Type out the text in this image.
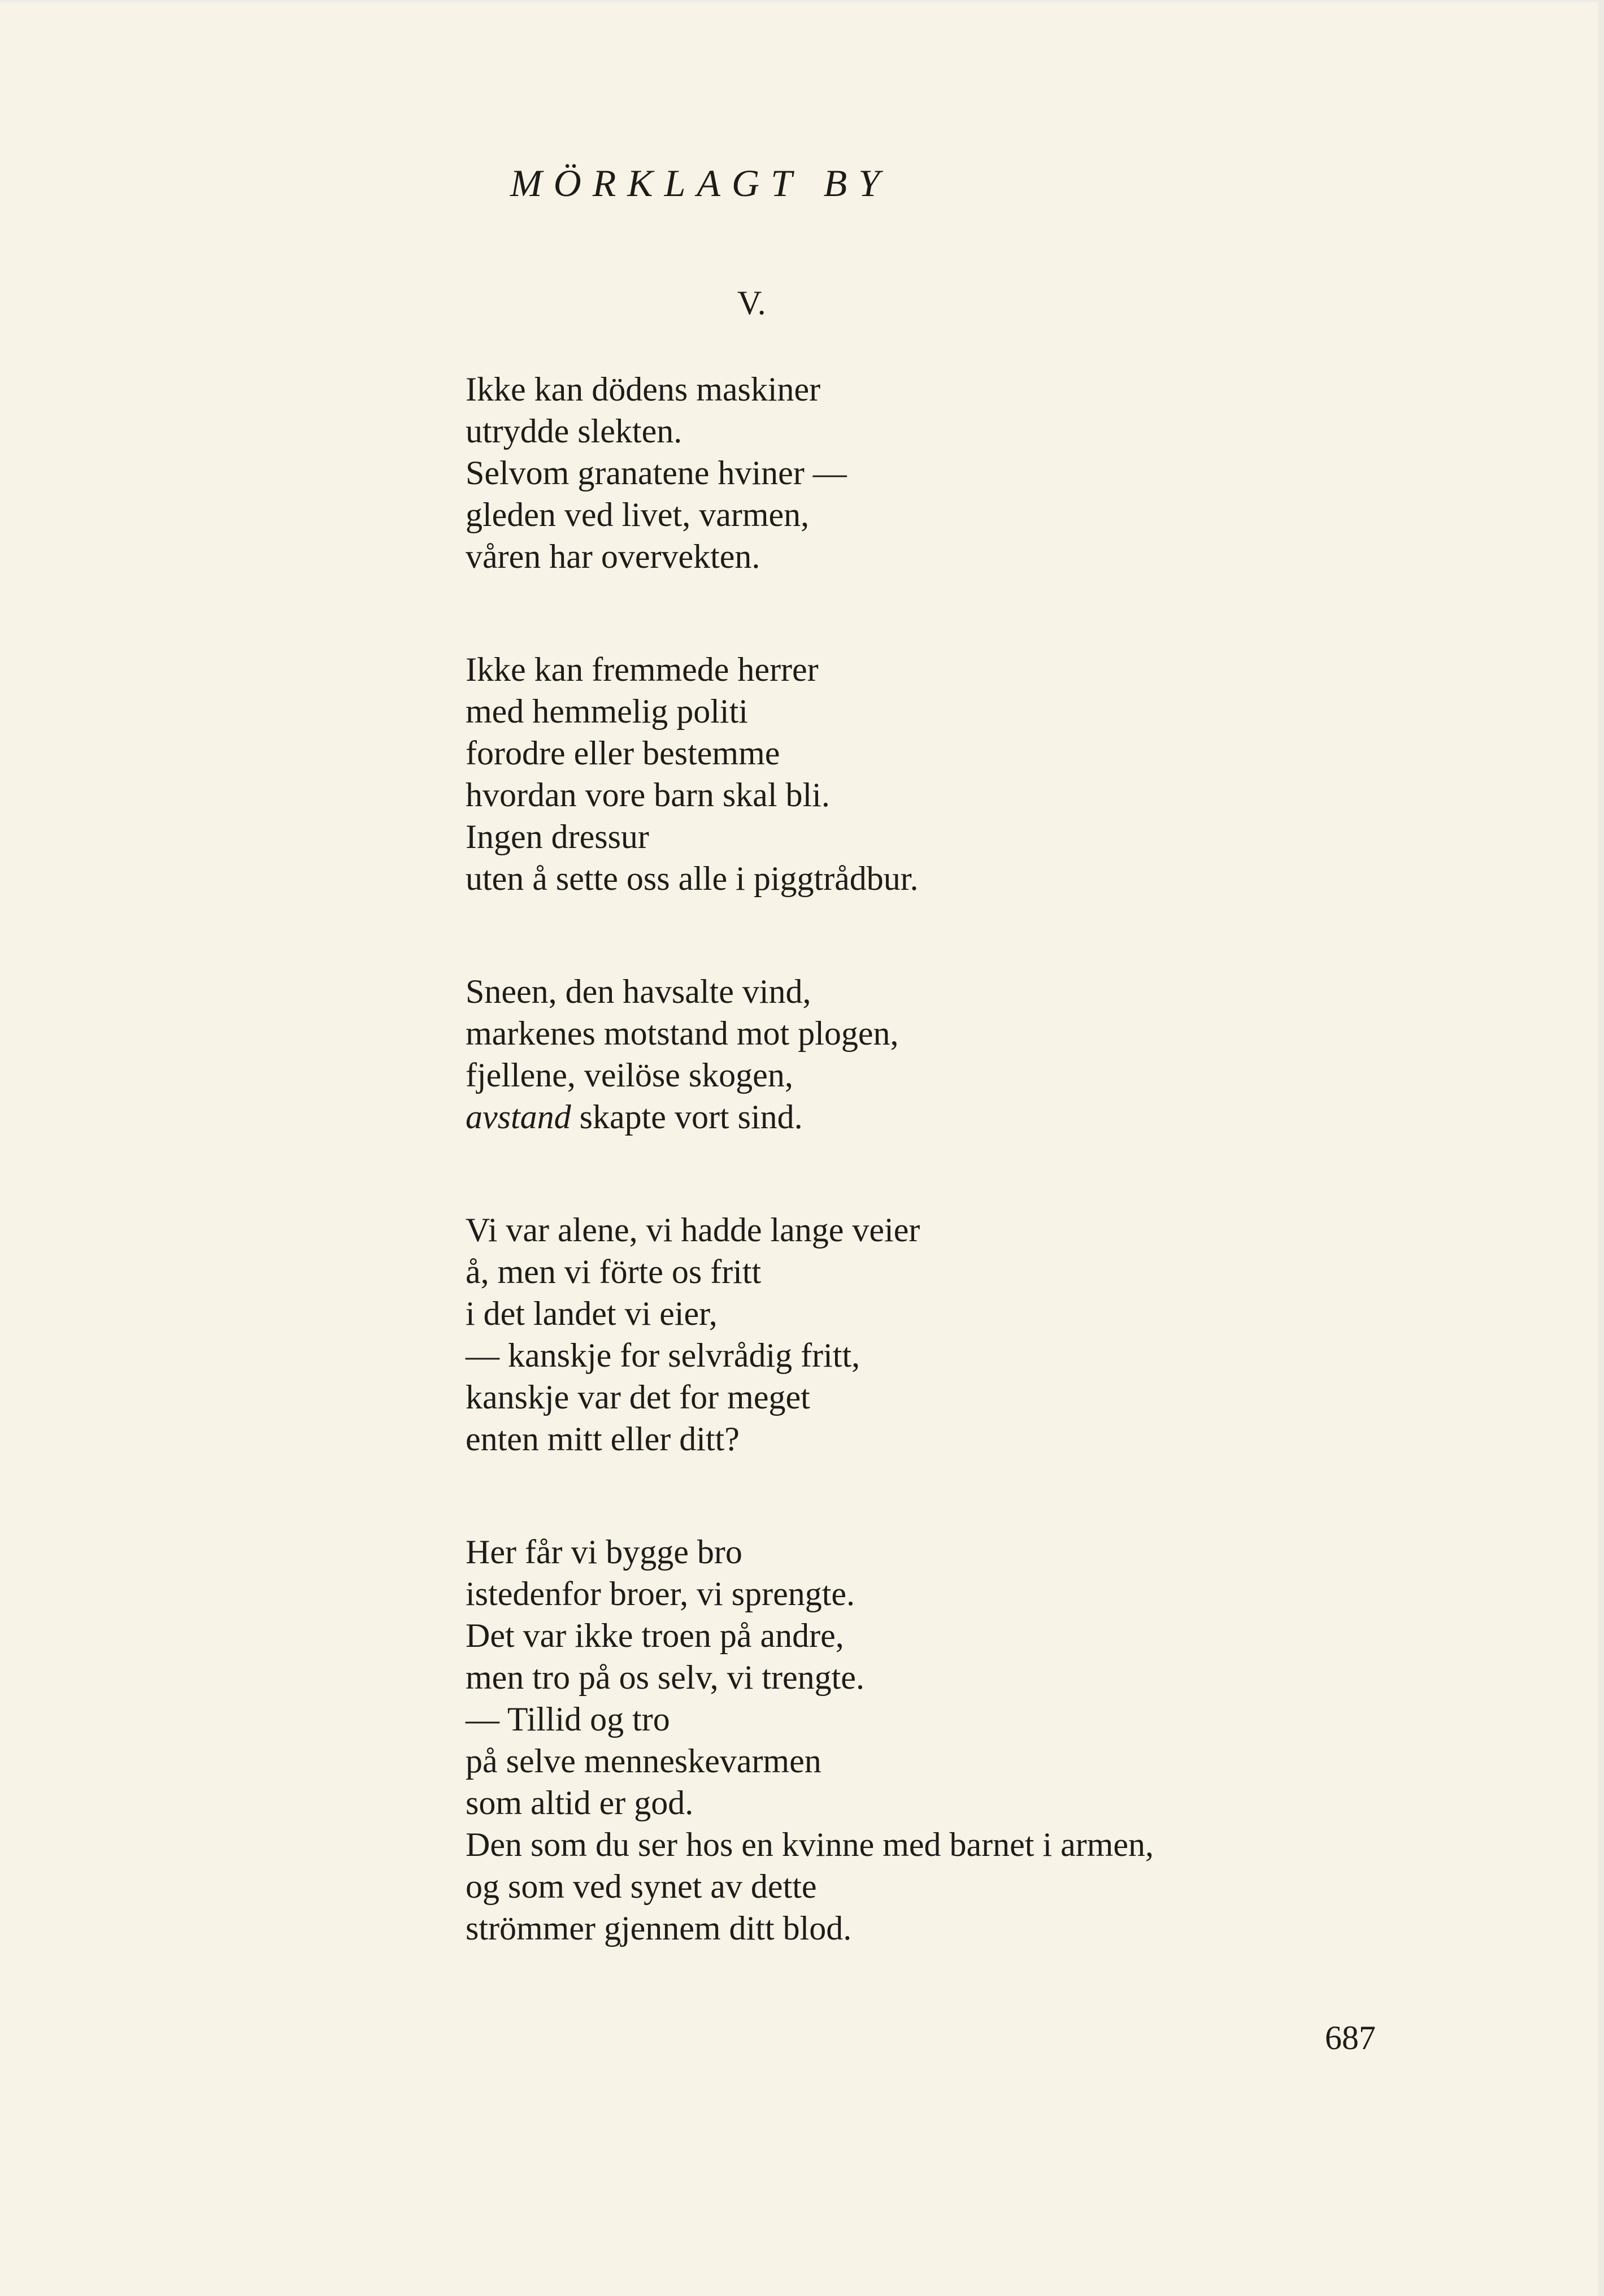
MÖRKLAGT BY
V.

Ikke kan dödens maskiner
utrydde slekten.
Selvom granatene hviner —
gleden ved livet, varmen,
våren har overvekten.

Ikke kan fremmede herrer
med hemmelig politi
forodre eller bestemme
hvordan vore barn skal bli.
Ingen dressur
uten å sette oss alle i piggtrådbur.

Sneen, den havsalte vind,
markenes motstand mot plogen,
fjellene, veilöse skogen,
avstand skapte vort sind.

Vi var alene, vi hadde lange veier
å, men vi förte os fritt
i det landet vi eier,
— kanskje for selvrådig fritt,
kanskje var det for meget
enten mitt eller ditt?

Her får vi bygge bro
istedenfor broer, vi sprengte.
Det var ikke troen på andre,
men tro på os selv, vi trengte.
— Tillid og tro
på selve menneskevarmen
som altid er god.
Den som du ser hos en kvinne med barnet i armen,
og som ved synet av dette
strömmer gjennem ditt blod.

687
